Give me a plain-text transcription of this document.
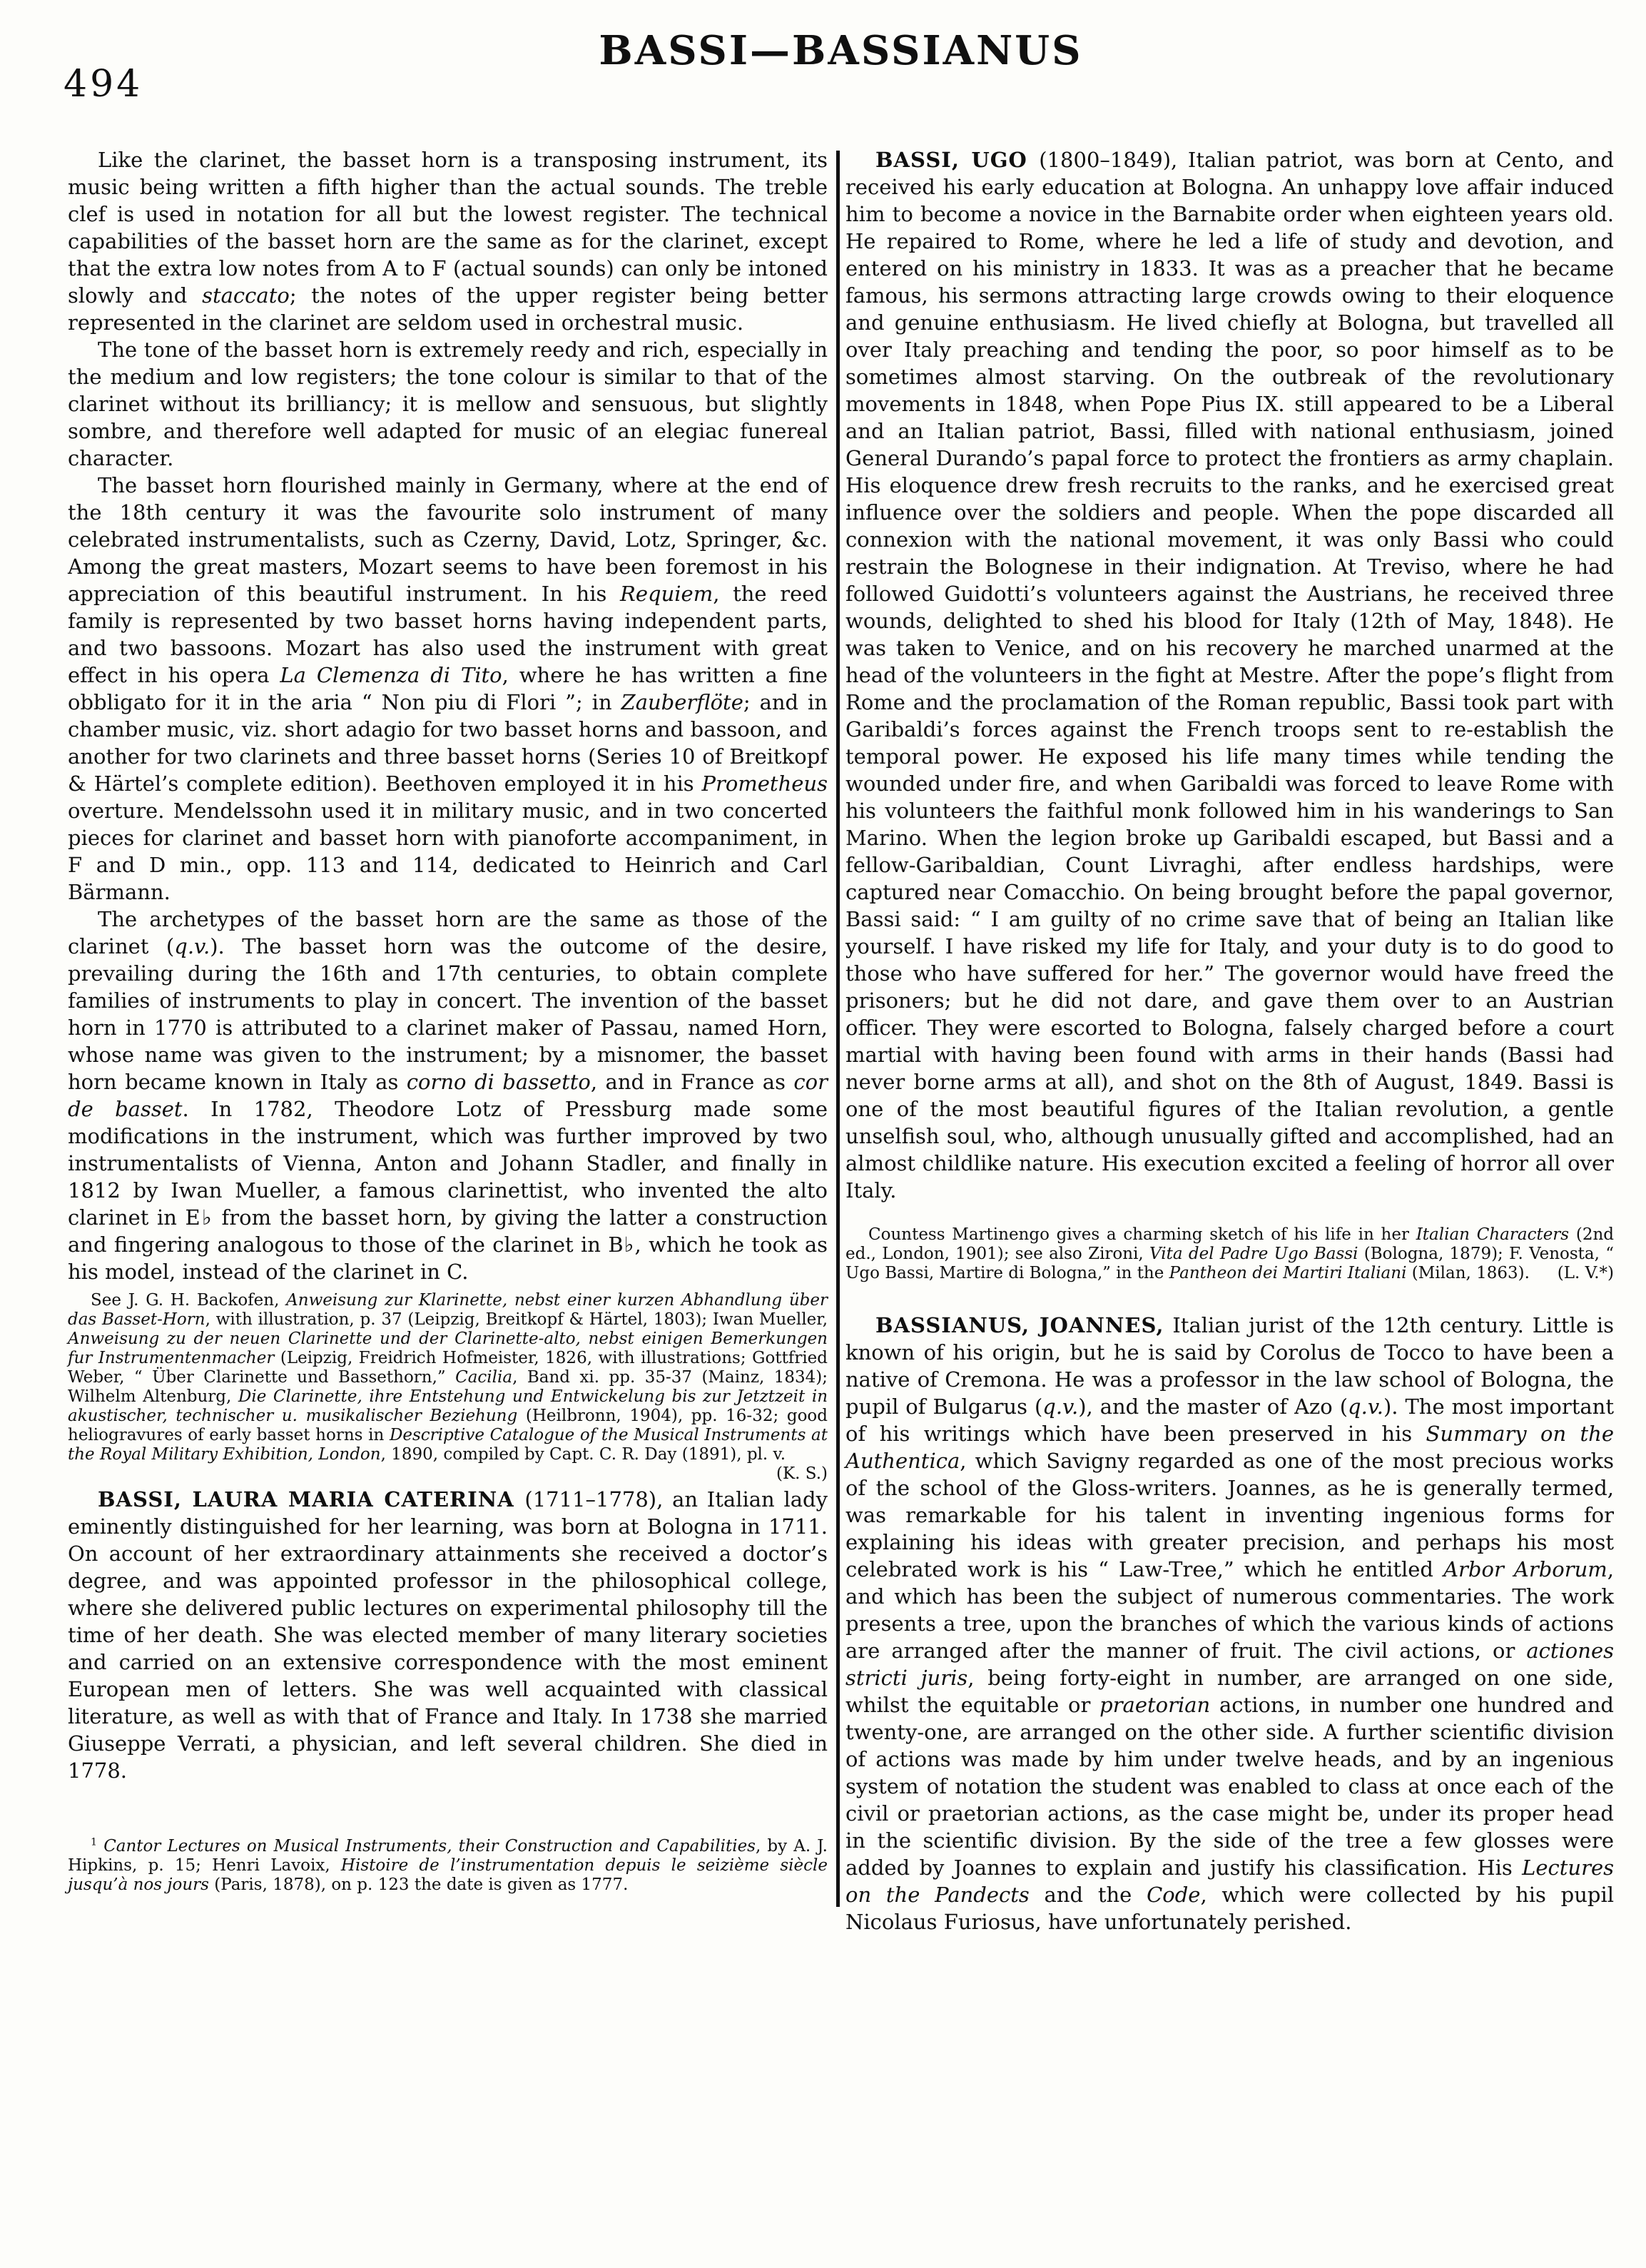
494
BASSI—BASSIANUS

Like the clarinet, the basset horn is a transposing instrument, its music being written a fifth higher than the actual sounds. The treble clef is used in notation for all but the lowest register. The technical capabilities of the basset horn are the same as for the clarinet, except that the extra low notes from A to F (actual sounds) can only be intoned slowly and staccato; the notes of the upper register being better represented in the clarinet are seldom used in orchestral music.

The tone of the basset horn is extremely reedy and rich, especially in the medium and low registers; the tone colour is similar to that of the clarinet without its brilliancy; it is mellow and sensuous, but slightly sombre, and therefore well adapted for music of an elegiac funereal character.

The basset horn flourished mainly in Germany, where at the end of the 18th century it was the favourite solo instrument of many celebrated instrumentalists, such as Czerny, David, Lotz, Springer, &c. Among the great masters, Mozart seems to have been foremost in his appreciation of this beautiful instrument. In his Requiem, the reed family is represented by two basset horns having independent parts, and two bassoons. Mozart has also used the instrument with great effect in his opera La Clemenza di Tito, where he has written a fine obbligato for it in the aria “ Non piu di Flori ”; in Zauberflöte; and in chamber music, viz. short adagio for two basset horns and bassoon, and another for two clarinets and three basset horns (Series 10 of Breitkopf & Härtel’s complete edition). Beethoven employed it in his Prometheus overture. Mendelssohn used it in military music, and in two concerted pieces for clarinet and basset horn with pianoforte accompaniment, in F and D min., opp. 113 and 114, dedicated to Heinrich and Carl Bärmann.

The archetypes of the basset horn are the same as those of the clarinet (q.v.). The basset horn was the outcome of the desire, prevailing during the 16th and 17th centuries, to obtain complete families of instruments to play in concert. The invention of the basset horn in 1770 is attributed to a clarinet maker of Passau, named Horn, whose name was given to the instrument; by a misnomer, the basset horn became known in Italy as corno di bassetto, and in France as cor de basset. In 1782, Theodore Lotz of Pressburg made some modifications in the instrument, which was further improved by two instrumentalists of Vienna, Anton and Johann Stadler, and finally in 1812 by Iwan Mueller, a famous clarinettist, who invented the alto clarinet in E♭ from the basset horn, by giving the latter a construction and fingering analogous to those of the clarinet in B♭, which he took as his model, instead of the clarinet in C.

See J. G. H. Backofen, Anweisung zur Klarinette, nebst einer kurzen Abhandlung über das Basset-Horn, with illustration, p. 37 (Leipzig, Breitkopf & Härtel, 1803); Iwan Mueller, Anweisung zu der neuen Clarinette und der Clarinette-alto, nebst einigen Bemerkungen fur Instrumentenmacher (Leipzig, Freidrich Hofmeister, 1826, with illustrations; Gottfried Weber, “ Über Clarinette und Bassethorn,” Cacilia, Band xi. pp. 35-37 (Mainz, 1834); Wilhelm Altenburg, Die Clarinette, ihre Entstehung und Entwickelung bis zur Jetztzeit in akustischer, technischer u. musikalischer Beziehung (Heilbronn, 1904), pp. 16-32; good heliogravures of early basset horns in Descriptive Catalogue of the Musical Instruments at the Royal Military Exhibition, London, 1890, compiled by Capt. C. R. Day (1891), pl. v.
(K. S.)

BASSI, LAURA MARIA CATERINA (1711–1778), an Italian lady eminently distinguished for her learning, was born at Bologna in 1711. On account of her extraordinary attainments she received a doctor’s degree, and was appointed professor in the philosophical college, where she delivered public lectures on experimental philosophy till the time of her death. She was elected member of many literary societies and carried on an extensive correspondence with the most eminent European men of letters. She was well acquainted with classical literature, as well as with that of France and Italy. In 1738 she married Giuseppe Verrati, a physician, and left several children. She died in 1778.

$^1$ Cantor Lectures on Musical Instruments, their Construction and Capabilities, by A. J. Hipkins, p. 15; Henri Lavoix, Histoire de l’instrumentation depuis le seizième siècle jusqu’à nos jours (Paris, 1878), on p. 123 the date is given as 1777.

BASSI, UGO (1800–1849), Italian patriot, was born at Cento, and received his early education at Bologna. An unhappy love affair induced him to become a novice in the Barnabite order when eighteen years old. He repaired to Rome, where he led a life of study and devotion, and entered on his ministry in 1833. It was as a preacher that he became famous, his sermons attracting large crowds owing to their eloquence and genuine enthusiasm. He lived chiefly at Bologna, but travelled all over Italy preaching and tending the poor, so poor himself as to be sometimes almost starving. On the outbreak of the revolutionary movements in 1848, when Pope Pius IX. still appeared to be a Liberal and an Italian patriot, Bassi, filled with national enthusiasm, joined General Durando’s papal force to protect the frontiers as army chaplain. His eloquence drew fresh recruits to the ranks, and he exercised great influence over the soldiers and people. When the pope discarded all connexion with the national movement, it was only Bassi who could restrain the Bolognese in their indignation. At Treviso, where he had followed Guidotti’s volunteers against the Austrians, he received three wounds, delighted to shed his blood for Italy (12th of May, 1848). He was taken to Venice, and on his recovery he marched unarmed at the head of the volunteers in the fight at Mestre. After the pope’s flight from Rome and the proclamation of the Roman republic, Bassi took part with Garibaldi’s forces against the French troops sent to re-establish the temporal power. He exposed his life many times while tending the wounded under fire, and when Garibaldi was forced to leave Rome with his volunteers the faithful monk followed him in his wanderings to San Marino. When the legion broke up Garibaldi escaped, but Bassi and a fellow-Garibaldian, Count Livraghi, after endless hardships, were captured near Comacchio. On being brought before the papal governor, Bassi said: “ I am guilty of no crime save that of being an Italian like yourself. I have risked my life for Italy, and your duty is to do good to those who have suffered for her.” The governor would have freed the prisoners; but he did not dare, and gave them over to an Austrian officer. They were escorted to Bologna, falsely charged before a court martial with having been found with arms in their hands (Bassi had never borne arms at all), and shot on the 8th of August, 1849. Bassi is one of the most beautiful figures of the Italian revolution, a gentle unselfish soul, who, although unusually gifted and accomplished, had an almost childlike nature. His execution excited a feeling of horror all over Italy.

Countess Martinengo gives a charming sketch of his life in her Italian Characters (2nd ed., London, 1901); see also Zironi, Vita del Padre Ugo Bassi (Bologna, 1879); F. Venosta, “ Ugo Bassi, Martire di Bologna,” in the Pantheon dei Martiri Italiani (Milan, 1863).	(L. V.*)

BASSIANUS, JOANNES, Italian jurist of the 12th century. Little is known of his origin, but he is said by Corolus de Tocco to have been a native of Cremona. He was a professor in the law school of Bologna, the pupil of Bulgarus (q.v.), and the master of Azo (q.v.). The most important of his writings which have been preserved in his Summary on the Authentica, which Savigny regarded as one of the most precious works of the school of the Gloss-writers. Joannes, as he is generally termed, was remarkable for his talent in inventing ingenious forms for explaining his ideas with greater precision, and perhaps his most celebrated work is his “ Law-Tree,” which he entitled Arbor Arborum, and which has been the subject of numerous commentaries. The work presents a tree, upon the branches of which the various kinds of actions are arranged after the manner of fruit. The civil actions, or actiones stricti juris, being forty-eight in number, are arranged on one side, whilst the equitable or praetorian actions, in number one hundred and twenty-one, are arranged on the other side. A further scientific division of actions was made by him under twelve heads, and by an ingenious system of notation the student was enabled to class at once each of the civil or praetorian actions, as the case might be, under its proper head in the scientific division. By the side of the tree a few glosses were added by Joannes to explain and justify his classification. His Lectures on the Pandects and the Code, which were collected by his pupil Nicolaus Furiosus, have unfortunately perished.
